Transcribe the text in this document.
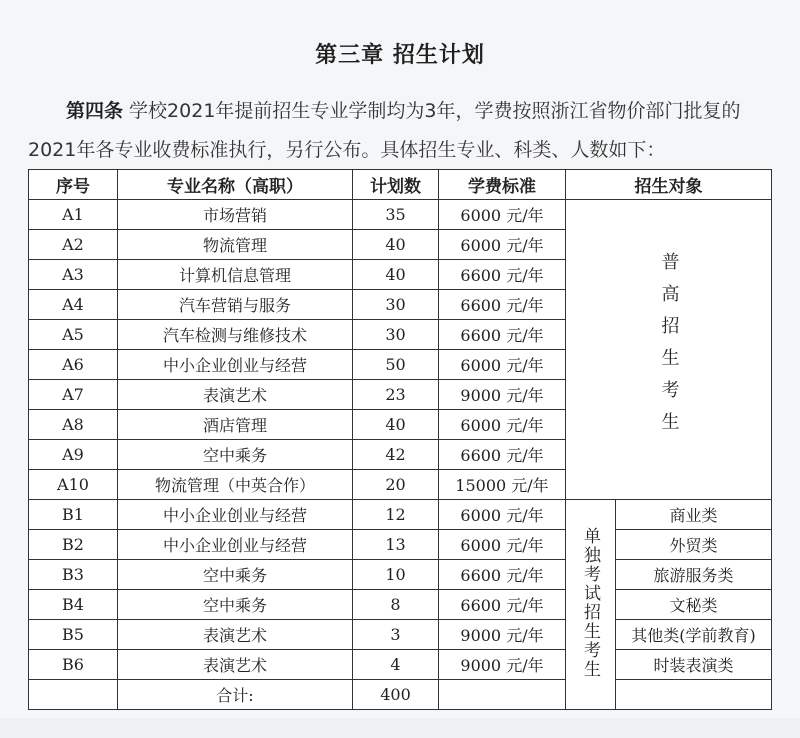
第三章 招生计划
第四条 学校2021年提前招生专业学制均为3年，学费按照浙江省物价部门批复的2021年各专业收费标准执行，另行公布。具体招生专业、科类、人数如下：
序号	专业名称（高职）	计划数	学费标准	招生对象	
A1	市场营销	35	6000 元/年	普高招生考生	
A2	物流管理	40	6000 元/年		
A3	计算机信息管理	40	6600 元/年		
A4	汽车营销与服务	30	6600 元/年		
A5	汽车检测与维修技术	30	6600 元/年		
A6	中小企业创业与经营	50	6000 元/年		
A7	表演艺术	23	9000 元/年		
A8	酒店管理	40	6000 元/年		
A9	空中乘务	42	6600 元/年		
A10	物流管理（中英合作）	20	15000 元/年		
B1	中小企业创业与经营	12	6000 元/年	单独考试招生考生	商业类
B2	中小企业创业与经营	13	6000 元/年		外贸类
B3	空中乘务	10	6600 元/年		旅游服务类
B4	空中乘务	8	6600 元/年		文秘类
B5	表演艺术	3	9000 元/年		其他类(学前教育)
B6	表演艺术	4	9000 元/年		时装表演类
	合计:	400			
